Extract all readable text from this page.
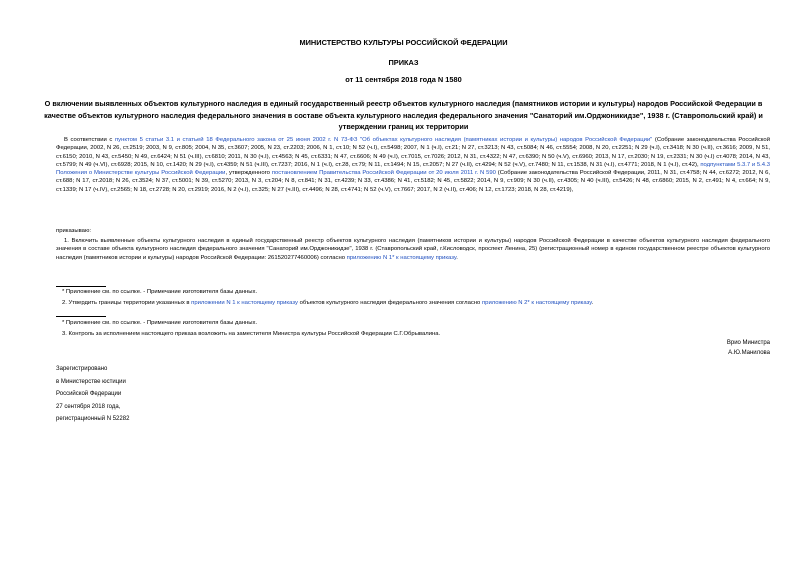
МИНИСТЕРСТВО КУЛЬТУРЫ РОССИЙСКОЙ ФЕДЕРАЦИИ
ПРИКАЗ
от 11 сентября 2018 года N 1580
О включении выявленных объектов культурного наследия в единый государственный реестр объектов культурного наследия (памятников истории и культуры) народов Российской Федерации в качестве объектов культурного наследия федерального значения в составе объекта культурного наследия федерального значения "Санаторий им.Орджоникидзе", 1938 г. (Ставропольский край) и утверждении границ их территории
В соответствии с пунктом 5 статьи 3.1 и статьей 18 Федерального закона от 25 июня 2002 г. N 73-ФЗ "Об объектах культурного наследия (памятниках истории и культуры) народов Российской Федерации" (Собрание законодательства Российской Федерации, 2002, N 26, ст.2519; 2003, N 9, ст.805; 2004, N 35, ст.3607; 2005, N 23, ст.2203; 2006, N 1, ст.10; N 52 (ч.I), ст.5498; 2007, N 1 (ч.I), ст.21; N 27, ст.3213; N 43, ст.5084; N 46, ст.5554; 2008, N 20, ст.2251; N 29 (ч.I), ст.3418; N 30 (ч.II), ст.3616; 2009, N 51, ст.6150; 2010, N 43, ст.5450; N 49, ст.6424; N 51 (ч.III), ст.6810; 2011, N 30 (ч.I), ст.4563; N 45, ст.6331; N 47, ст.6606; N 49 (ч.I), ст.7015, ст.7026; 2012, N 31, ст.4322; N 47, ст.6390; N 50 (ч.V), ст.6960; 2013, N 17, ст.2030; N 19, ст.2331; N 30 (ч.I) ст.4078; 2014, N 43, ст.5799; N 49 (ч.VI), ст.6928; 2015, N 10, ст.1420; N 29 (ч.I), ст.4359; N 51 (ч.III), ст.7237; 2016, N 1 (ч.I), ст.28, ст.79; N 11, ст.1494; N 15, ст.2057; N 27 (ч.II), ст.4294; N 52 (ч.V), ст.7480; N 11, ст.1538, N 31 (ч.I), ст.4771; 2018, N 1 (ч.I), ст.42), подпунктами 5.3.7 и 5.4.3 Положения о Министерстве культуры Российской Федерации, утвержденного постановлением Правительства Российской Федерации от 20 июля 2011 г. N 590 (Собрание законодательства Российской Федерации, 2011, N 31, ст.4758; N 44, ст.6272; 2012, N 6, ст.688; N 17, ст.2018; N 26, ст.3524; N 37, ст.5001; N 39, ст.5270; 2013, N 3, ст.204; N 8, ст.841; N 31, ст.4239; N 33, ст.4386; N 41, ст.5182; N 45, ст.5822; 2014, N 9, ст.909; N 30 (ч.II), ст.4305; N 40 (ч.III), ст.5426; N 48, ст.6860; 2015, N 2, ст.491; N 4, ст.664; N 9, ст.1339; N 17 (ч.IV), ст.2565; N 18, ст.2728; N 20, ст.2919; 2016, N 2 (ч.I), ст.325; N 27 (ч.III), ст.4496; N 28, ст.4741; N 52 (ч.V), ст.7667; 2017, N 2 (ч.II), ст.406; N 12, ст.1723; 2018, N 28, ст.4219),
приказываю:
1. Включить выявленные объекты культурного наследия в единый государственный реестр объектов культурного наследия (памятников истории и культуры) народов Российской Федерации в качестве объектов культурного наследия федерального значения в составе объекта культурного наследия федерального значения "Санаторий им.Орджоникидзе", 1938 г. (Ставропольский край, г.Кисловодск, проспект Ленина, 25) (регистрационный номер в едином государственном реестре объектов культурного наследия (памятников истории и культуры) народов Российской Федерации: 261520277460006) согласно приложению N 1* к настоящему приказу.
* Приложение см. по ссылке. - Примечание изготовителя базы данных.
2. Утвердить границы территории указанных в приложении N 1 к настоящему приказу объектов культурного наследия федерального значения согласно приложению N 2* к настоящему приказу.
* Приложение см. по ссылке. - Примечание изготовителя базы данных.
3. Контроль за исполнением настоящего приказа возложить на заместителя Министра культуры Российской Федерации С.Г.Обрывалина.
Врио Министра
А.Ю.Манилова
Зарегистрировано
в Министерстве юстиции
Российской Федерации
27 сентября 2018 года,
регистрационный N 52282
